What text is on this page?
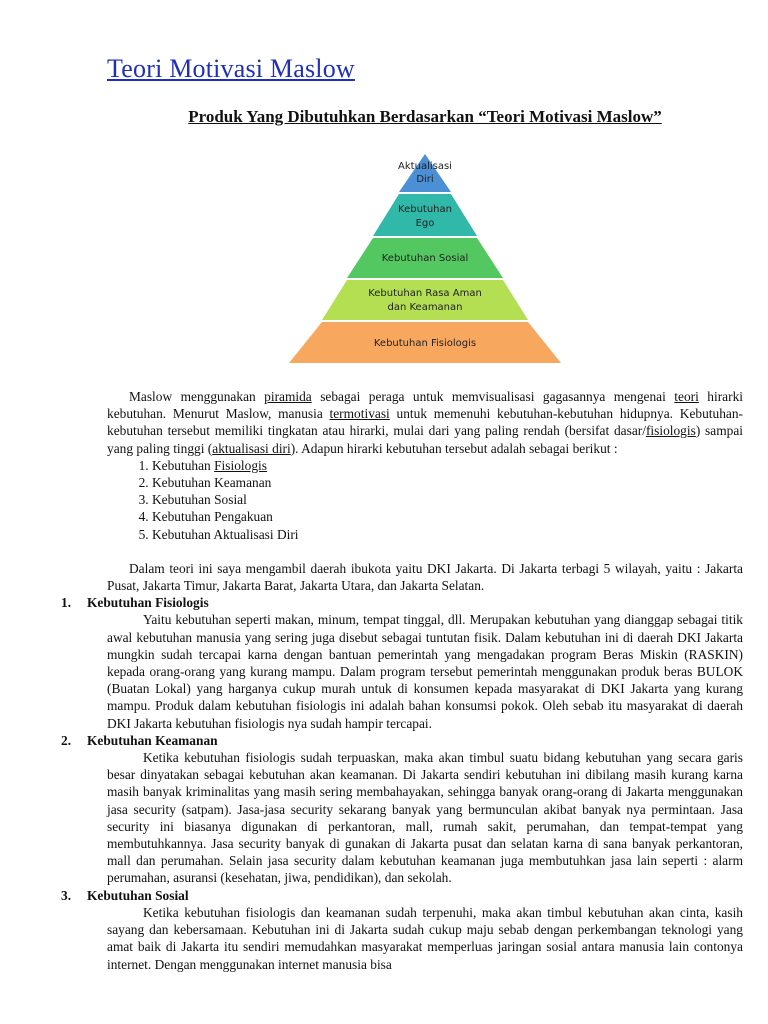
Teori Motivasi Maslow
Produk Yang Dibutuhkan Berdasarkan “Teori Motivasi Maslow”
Aktualisasi
Diri
Kebutuhan
Ego
Kebutuhan Sosial
Kebutuhan Rasa Aman
dan Keamanan
Kebutuhan Fisiologis

Maslow menggunakan piramida sebagai peraga untuk memvisualisasi gagasannya mengenai teori hirarki kebutuhan. Menurut Maslow, manusia termotivasi untuk memenuhi kebutuhan-kebutuhan hidupnya. Kebutuhan-kebutuhan tersebut memiliki tingkatan atau hirarki, mulai dari yang paling rendah (bersifat dasar/fisiologis) sampai yang paling tinggi (aktualisasi diri). Adapun hirarki kebutuhan tersebut adalah sebagai berikut :

1. Kebutuhan Fisiologis
2. Kebutuhan Keamanan
3. Kebutuhan Sosial
4. Kebutuhan Pengakuan
5. Kebutuhan Aktualisasi Diri

Dalam teori ini saya mengambil daerah ibukota yaitu DKI Jakarta. Di Jakarta terbagi 5 wilayah, yaitu : Jakarta Pusat, Jakarta Timur, Jakarta Barat, Jakarta Utara, dan Jakarta Selatan.

1. Kebutuhan Fisiologis

Yaitu kebutuhan seperti makan, minum, tempat tinggal, dll. Merupakan kebutuhan yang dianggap sebagai titik awal kebutuhan manusia yang sering juga disebut sebagai tuntutan fisik. Dalam kebutuhan ini di daerah DKI Jakarta mungkin sudah tercapai karna dengan bantuan pemerintah yang mengadakan program Beras Miskin (RASKIN) kepada orang-orang yang kurang mampu. Dalam program tersebut pemerintah menggunakan produk beras BULOK (Buatan Lokal) yang harganya cukup murah untuk di konsumen kepada masyarakat di DKI Jakarta yang kurang mampu. Produk dalam kebutuhan fisiologis ini adalah bahan konsumsi pokok. Oleh sebab itu masyarakat di daerah DKI Jakarta kebutuhan fisiologis nya sudah hampir tercapai.

2. Kebutuhan Keamanan

Ketika kebutuhan fisiologis sudah terpuaskan, maka akan timbul suatu bidang kebutuhan yang secara garis besar dinyatakan sebagai kebutuhan akan keamanan. Di Jakarta sendiri kebutuhan ini dibilang masih kurang karna masih banyak kriminalitas yang masih sering membahayakan, sehingga banyak orang-orang di Jakarta menggunakan jasa security (satpam). Jasa-jasa security sekarang banyak yang bermunculan akibat banyak nya permintaan. Jasa security ini biasanya digunakan di perkantoran, mall, rumah sakit, perumahan, dan tempat-tempat yang membutuhkannya. Jasa security banyak di gunakan di Jakarta pusat dan selatan karna di sana banyak perkantoran, mall dan perumahan. Selain jasa security dalam kebutuhan keamanan juga membutuhkan jasa lain seperti : alarm perumahan, asuransi (kesehatan, jiwa, pendidikan), dan sekolah.

3. Kebutuhan Sosial

Ketika kebutuhan fisiologis dan keamanan sudah terpenuhi, maka akan timbul kebutuhan akan cinta, kasih sayang dan kebersamaan. Kebutuhan ini di Jakarta sudah cukup maju sebab dengan perkembangan teknologi yang amat baik di Jakarta itu sendiri memudahkan masyarakat memperluas jaringan sosial antara manusia lain contonya internet. Dengan menggunakan internet manusia bisa
